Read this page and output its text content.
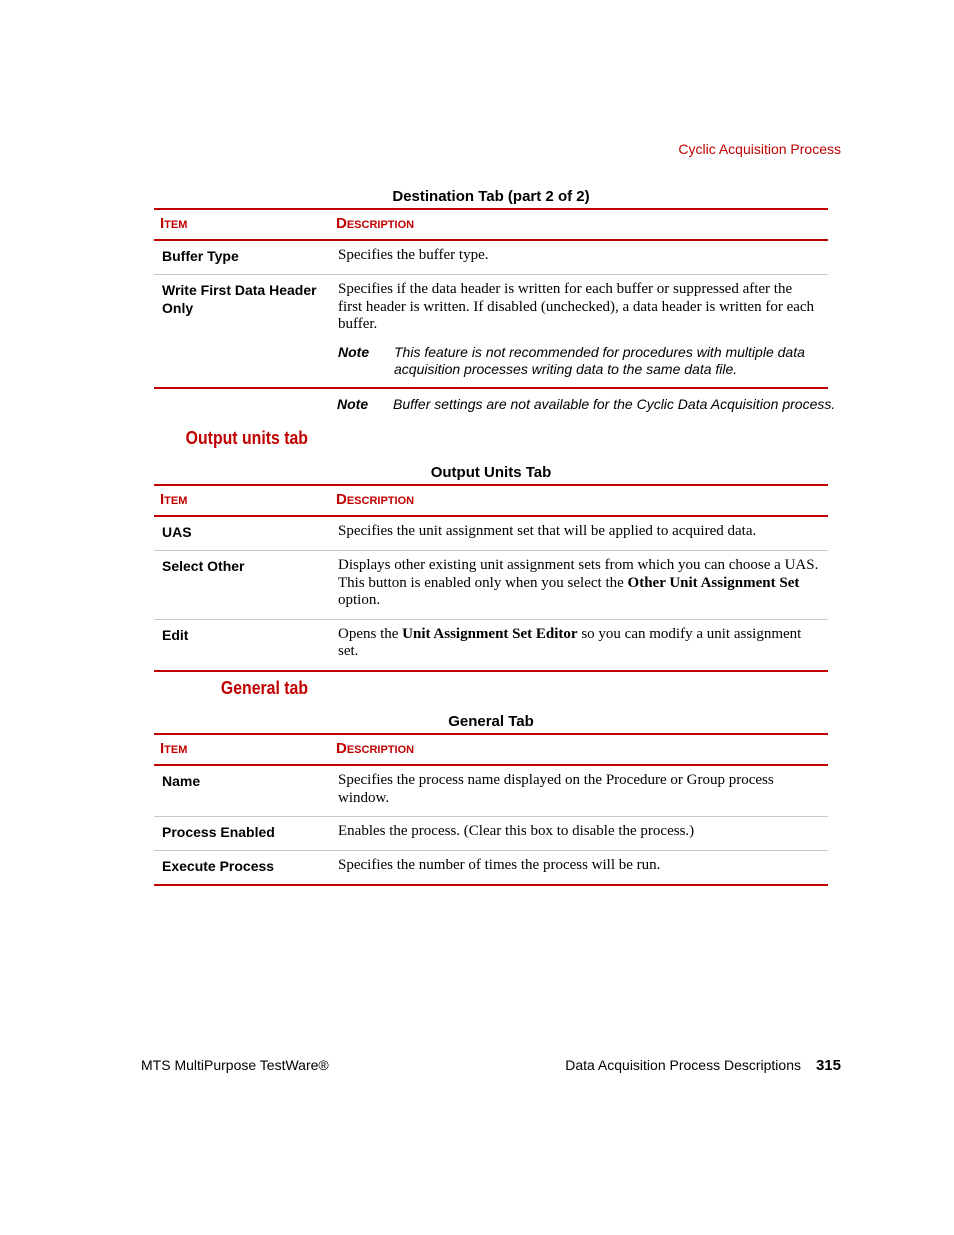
Cyclic Acquisition Process
Destination Tab (part 2 of 2)
ITEM	DESCRIPTION
Buffer Type	Specifies the buffer type.
Write First Data Header Only	Specifies if the data header is written for each buffer or suppressed after the first header is written. If disabled (unchecked), a data header is written for each buffer.
Note This feature is not recommended for procedures with multiple data acquisition processes writing data to the same data file.
Note	Buffer settings are not available for the Cyclic Data Acquisition process.
Output units tab
Output Units Tab
ITEM	DESCRIPTION
UAS	Specifies the unit assignment set that will be applied to acquired data.
Select Other	Displays other existing unit assignment sets from which you can choose a UAS. This button is enabled only when you select the Other Unit Assignment Set option.
Edit	Opens the Unit Assignment Set Editor so you can modify a unit assignment set.
General tab
General Tab
ITEM	DESCRIPTION
Name	Specifies the process name displayed on the Procedure or Group process window.
Process Enabled	Enables the process. (Clear this box to disable the process.)
Execute Process	Specifies the number of times the process will be run.
MTS MultiPurpose TestWare®	Data Acquisition Process Descriptions 315
